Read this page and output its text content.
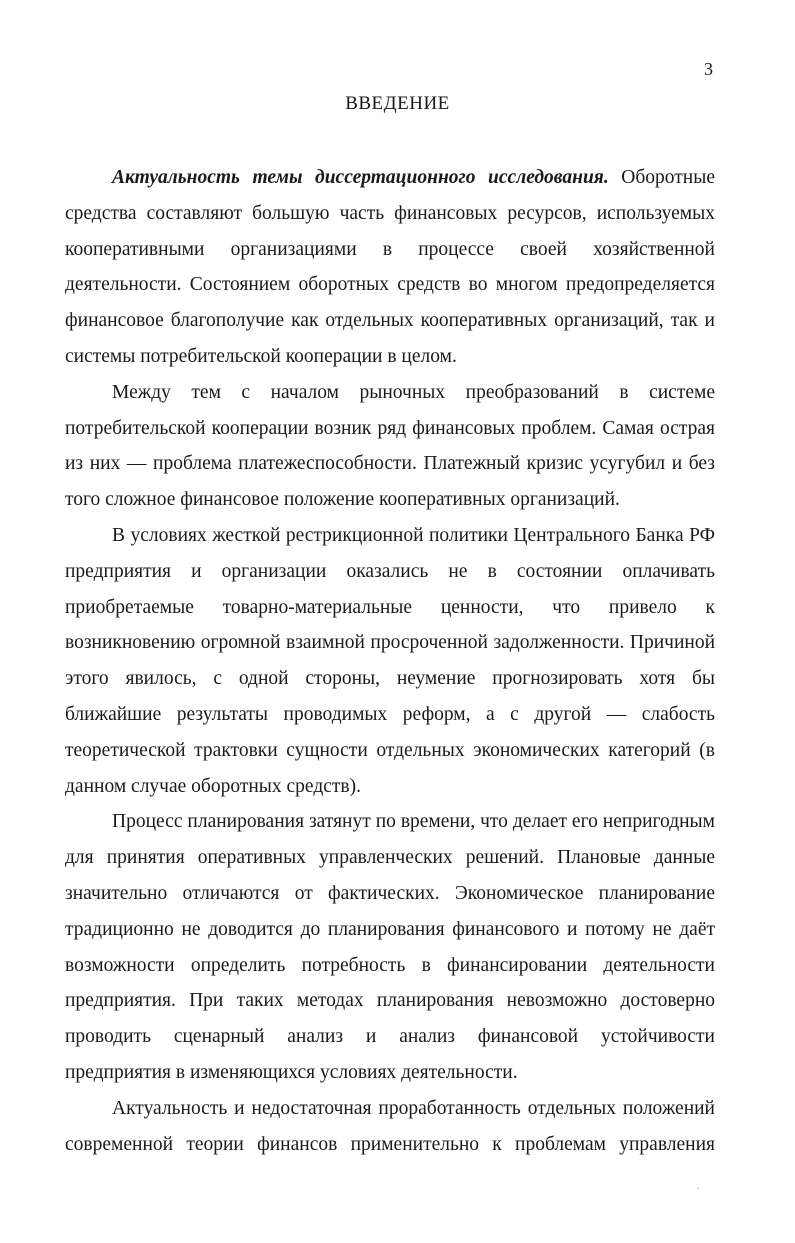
3
ВВЕДЕНИЕ

Актуальность темы диссертационного исследования. Оборотные средства составляют большую часть финансовых ресурсов, используемых кооперативными организациями в процессе своей хозяйственной деятельности. Состоянием оборотных средств во многом предопределяется финансовое благополучие как отдельных кооперативных организаций, так и системы потребительской кооперации в целом.

Между тем с началом рыночных преобразований в системе потребительской кооперации возник ряд финансовых проблем. Самая острая из них — проблема платежеспособности. Платежный кризис усугубил и без того сложное финансовое положение кооперативных организаций.

В условиях жесткой рестрикционной политики Центрального Банка РФ предприятия и организации оказались не в состоянии оплачивать приобретаемые товарно-материальные ценности, что привело к возникновению огромной взаимной просроченной задолженности. Причиной этого явилось, с одной стороны, неумение прогнозировать хотя бы ближайшие результаты проводимых реформ, а с другой — слабость теоретической трактовки сущности отдельных экономических категорий (в данном случае оборотных средств).

Процесс планирования затянут по времени, что делает его непригодным для принятия оперативных управленческих решений. Плановые данные значительно отличаются от фактических. Экономическое планирование традиционно не доводится до планирования финансового и потому не даёт возможности определить потребность в финансировании деятельности предприятия. При таких методах планирования невозможно достоверно проводить сценарный анализ и анализ финансовой устойчивости предприятия в изменяющихся условиях деятельности.

Актуальность и недостаточная проработанность отдельных положений современной теории финансов применительно к проблемам управления
